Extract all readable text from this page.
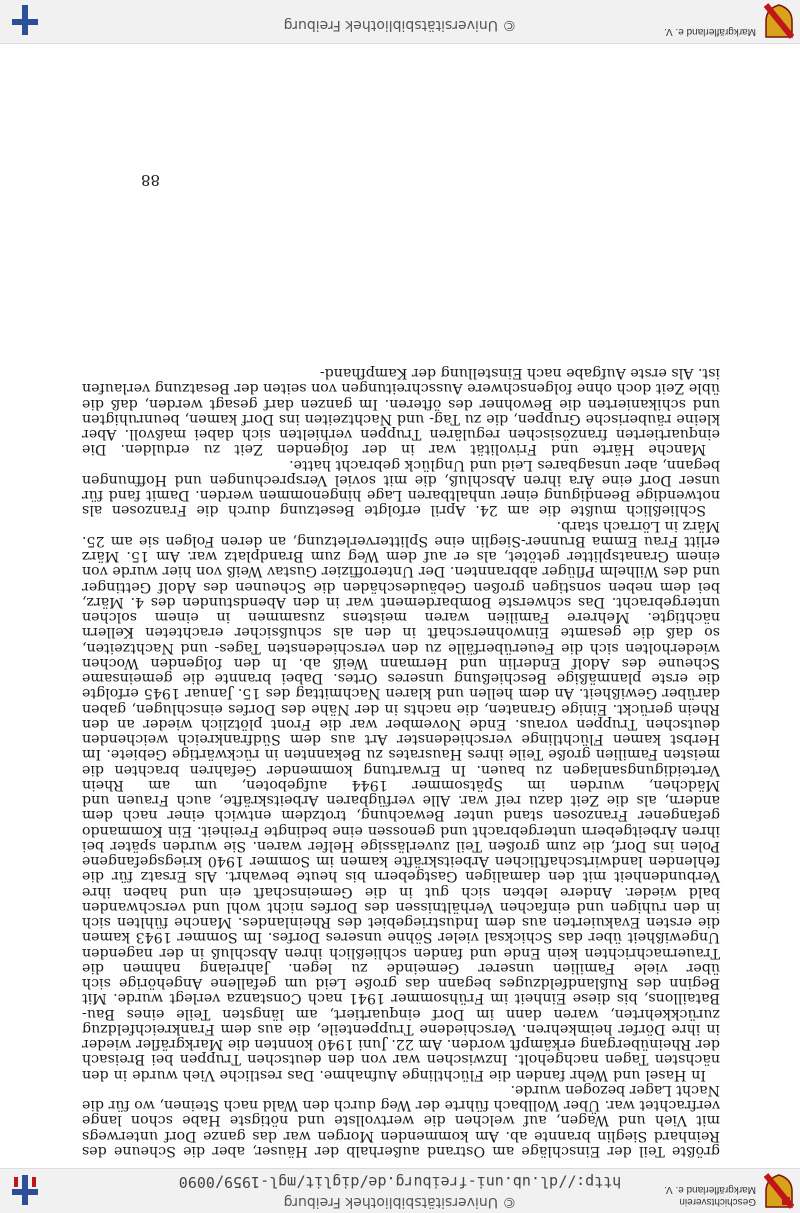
Geschichtsverein
Markgräflerland e. V.
© Universitätsbibliothek Freiburg
http://dl.ub.uni-freiburg.de/diglit/mgl-1959/0090

größte Teil der Einschläge am Ostrand außerhalb der Häuser, aber die Scheune des Reinhard Sieglin brannte ab. Am kommenden Morgen war das ganze Dorf unterwegs mit Vieh und Wagen, auf welchen die wertvollste und nötigste Habe schon lange verfrachtet war. Über Wollbach führte der Weg durch den Wald nach Steinen, wo für die Nacht Lager bezogen wurde.

In Hasel und Wehr fanden die Flüchtlinge Aufnahme. Das restliche Vieh wurde in den nächsten Tagen nachgeholt. Inzwischen war von den deutschen Truppen bei Breisach der Rheinübergang erkämpft worden. Am 22. Juni 1940 konnten die Markgräfler wieder in ihre Dörfer heimkehren. Verschiedene Truppenteile, die aus dem Frankreichfeldzug zurückkehrten, waren dann im Dorf einquartiert, am längsten Teile eines Bau-Bataillons, bis diese Einheit im Frühsommer 1941 nach Constanza verlegt wurde. Mit Beginn des Rußlandfeldzuges begann das große Leid um gefallene Angehörige sich über viele Familien unserer Gemeinde zu legen. Jahrelang nahmen die Trauernachrichten kein Ende und fanden schließlich ihren Abschluß in der nagenden Ungewißheit über das Schicksal vieler Söhne unseres Dorfes. Im Sommer 1943 kamen die ersten Evakuierten aus dem Industriegebiet des Rheinlandes. Manche fühlten sich in den ruhigen und einfachen Verhältnissen des Dorfes nicht wohl und verschwanden bald wieder. Andere lebten sich gut in die Gemeinschaft ein und haben ihre Verbundenheit mit den damaligen Gastgebern bis heute bewahrt. Als Ersatz für die fehlenden landwirtschaftlichen Arbeitskräfte kamen im Sommer 1940 kriegsgefangene Polen ins Dorf, die zum großen Teil zuverlässige Helfer waren. Sie wurden später bei ihren Arbeitgebern untergebracht und genossen eine bedingte Freiheit. Ein Kommando gefangener Franzosen stand unter Bewachung, trotzdem entwich einer nach dem andern, als die Zeit dazu reif war. Alle verfügbaren Arbeitskräfte, auch Frauen und Mädchen, wurden im Spätsommer 1944 aufgeboten, um am Rhein Verteidigungsanlagen zu bauen. In Erwartung kommender Gefahren brachten die meisten Familien große Teile ihres Hausrates zu Bekannten in rückwärtige Gebiete. Im Herbst kamen Flüchtlinge verschiedenster Art aus dem Südfrankreich weichenden deutschen Truppen voraus. Ende November war die Front plötzlich wieder an den Rhein gerückt. Einige Granaten, die nachts in der Nähe des Dorfes einschlugen, gaben darüber Gewißheit. An dem hellen und klaren Nachmittag des 15. Januar 1945 erfolgte die erste planmäßige Beschießung unseres Ortes. Dabei brannte die gemeinsame Scheune des Adolf Enderlin und Hermann Weiß ab. In den folgenden Wochen wiederholten sich die Feuerüberfälle zu den verschiedensten Tages- und Nachtzeiten, so daß die gesamte Einwohnerschaft in den als schußsicher erachteten Kellern nächtigte. Mehrere Familien waren meistens zusammen in einem solchen untergebracht. Das schwerste Bombardement war in den Abendstunden des 4. März, bei dem neben sonstigen großen Gebäudeschäden die Scheunen des Adolf Gettinger und des Wilhelm Pflüger abbrannten. Der Unteroffizier Gustav Weiß von hier wurde von einem Granatsplitter getötet, als er auf dem Weg zum Brandplatz war. Am 15. März erlitt Frau Emma Brunner-Sieglin eine Splitterverletzung, an deren Folgen sie am 25. März in Lörrach starb.

Schließlich mußte die am 24. April erfolgte Besetzung durch die Franzosen als notwendige Beendigung einer unhaltbaren Lage hingenommen werden. Damit fand für unser Dorf eine Ära ihren Abschluß, die mit soviel Versprechungen und Hoffnungen begann, aber unsagbares Leid und Unglück gebracht hatte.

Manche Härte und Frivolität war in der folgenden Zeit zu erdulden. Die einquartierten französischen regulären Truppen verhielten sich dabei maßvoll. Aber kleine räuberische Gruppen, die zu Tag- und Nachtzeiten ins Dorf kamen, beunruhigten und schikanierten die Bewohner des öfteren. Im ganzen darf gesagt werden, daß die üble Zeit doch ohne folgenschwere Ausschreitungen von seiten der Besatzung verlaufen ist. Als erste Aufgabe nach Einstellung der Kampfhand-

88
Markgräflerland e. V.
© Universitätsbibliothek Freiburg
